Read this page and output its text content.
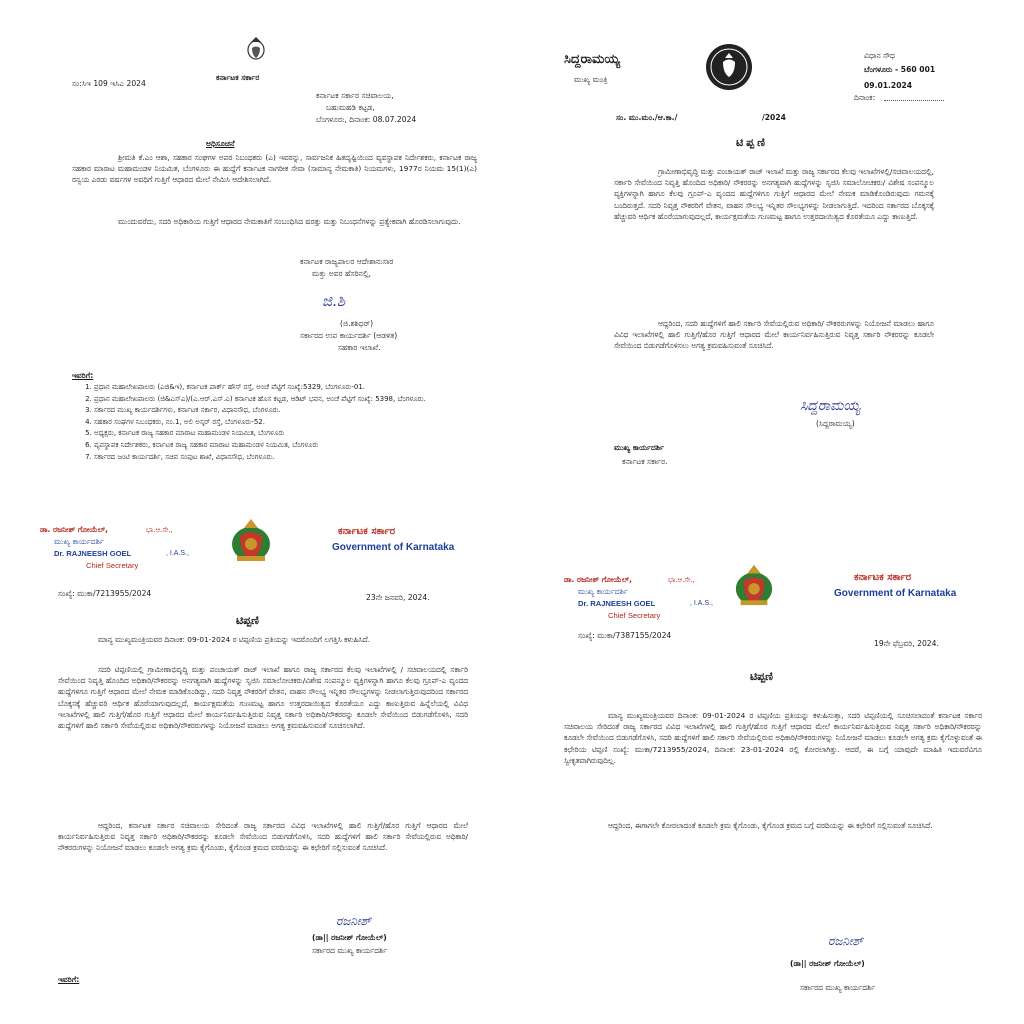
ಸಂ:ಸಿಇ 109 ಇಸಿಎ 2024

ಕರ್ನಾಟಕ ಸರ್ಕಾರ

ಕರ್ನಾಟಕ ಸರ್ಕಾರ ಸಚಿವಾಲಯ,

ಬಹುಮಹಡಿ ಕಟ್ಟಡ,

ಬೆಂಗಳೂರು, ದಿನಾಂಕ: 08.07.2024

ಅಧಿಸೂಚನೆ

ಶ್ರೀಮತಿ ಕೆ.ಎಂ ಆಶಾ, ಸಹಕಾರ ಸಂಘಗಳ ಅಪರ ನಿಬಂಧಕರು (ಎ) ಇವರನ್ನು, ಸಾರ್ವಜನಿಕ ಹಿತದೃಷ್ಟಿಯಿಂದ ವ್ಯವಸ್ಥಾಪಕ ನಿರ್ದೇಶಕರು, ಕರ್ನಾಟಕ ರಾಜ್ಯ ಸಹಕಾರ ಮಾರಾಟ ಮಹಾಮಂಡಳ ನಿಯಮಿತ, ಬೆಂಗಳೂರು ಈ ಹುದ್ದೆಗೆ ಕರ್ನಾಟಕ ನಾಗರೀಕ ಸೇವಾ (ಸಾಮಾನ್ಯ ನೇಮಕಾತಿ) ನಿಯಮಗಳು, 1977ರ ನಿಯಮ 15(1)(ಎ) ರನ್ವಯ ಎರಡು ವರ್ಷಗಳ ಅವಧಿಗೆ ಗುತ್ತಿಗೆ ಆಧಾರದ ಮೇಲೆ ನೇಮಿಸಿ ಆದೇಶಿಸಲಾಗಿದೆ.

ಮುಂದುವರೆದು, ಸದರಿ ಅಧಿಕಾರಿಯ ಗುತ್ತಿಗೆ ಆಧಾರದ ನೇಮಕಾತಿಗೆ ಸಂಬಂಧಿಸಿದ ಷರತ್ತು ಮತ್ತು ನಿಬಂಧನೆಗಳನ್ನು ಪ್ರತ್ಯೇಕವಾಗಿ ಹೊರಡಿಸಲಾಗುವುದು.

ಕರ್ನಾಟಕ ರಾಜ್ಯಪಾಲರ ಆದೇಶಾನುಸಾರ

ಮತ್ತು ಅವರ ಹೆಸರಿನಲ್ಲಿ,

ಜಿ.ಶಿ

(ಜಿ.ಶಶಿಧರ್)

ಸರ್ಕಾರದ ಉಪ ಕಾರ್ಯದರ್ಶಿ (ಆಡಳಿತ)

ಸಹಕಾರ ಇಲಾಖೆ.

ಇವರಿಗೆ:

1. ಪ್ರಧಾನ ಮಹಾಲೇಖಪಾಲರು (ಎಜಿ&ಇ), ಕರ್ನಾಟಕ ಪಾರ್ಕ್ ಹೌಸ್ ರಸ್ತೆ, ಅಂಚೆ ಪೆಟ್ಟಿಗೆ ಸಂಖ್ಯೆ:5329, ಬೆಂಗಳೂರು-01.
2. ಪ್ರಧಾನ ಮಹಾಲೇಖಪಾಲರು (ಜಿ&ಎಸ್‌ಎ)/(ಎ.ಆರ್.ಎಸ್.ಎ) ಕರ್ನಾಟಕ ಹೊಸ ಕಟ್ಟಡ, ಆಡಿಟ್ ಭವನ, ಅಂಚೆ ಪೆಟ್ಟಿಗೆ ಸಂಖ್ಯೆ: 5398, ಬೆಂಗಳೂರು.
3. ಸರ್ಕಾರದ ಮುಖ್ಯ ಕಾರ್ಯದರ್ಶಿಗಳು, ಕರ್ನಾಟಕ ಸರ್ಕಾರ, ವಿಧಾನಸೌಧ, ಬೆಂಗಳೂರು.
4. ಸಹಕಾರ ಸಂಘಗಳ ನಿಬಂಧಕರು, ನಂ.1, ಅಲಿ ಅಸ್ಕರ್ ರಸ್ತೆ, ಬೆಂಗಳೂರು-52.
5. ಅಧ್ಯಕ್ಷರು, ಕರ್ನಾಟಕ ರಾಜ್ಯ ಸಹಕಾರ ಮಾರಾಟ ಮಹಾಮಂಡಳ ನಿಯಮಿತ, ಬೆಂಗಳೂರು
6. ವ್ಯವಸ್ಥಾಪಕ ನಿರ್ದೇಶಕರು, ಕರ್ನಾಟಕ ರಾಜ್ಯ ಸಹಕಾರ ಮಾರಾಟ ಮಹಾಮಂಡಳ ನಿಯಮಿತ, ಬೆಂಗಳೂರು
7. ಸರ್ಕಾರದ ಜಂಟಿ ಕಾರ್ಯದರ್ಶಿ, ಸಚಿವ ಸಂಪುಟ ಶಾಖೆ, ವಿಧಾನಸೌಧ, ಬೆಂಗಳೂರು.

ಸಿದ್ದರಾಮಯ್ಯ

ಮುಖ್ಯ ಮಂತ್ರಿ

ವಿಧಾನ ಸೌಧ

ಬೆಂಗಳೂರು - 560 001

09.01.2024

ದಿನಾಂಕ:

ಸಂ. ಮು.ಮಂ./ಆ.ಕಾ./	/2024

ಟಿಪ್ಪಣಿ

ಗ್ರಾಮೀಣಾಭಿವೃದ್ಧಿ ಮತ್ತು ಪಂಚಾಯತ್ ರಾಜ್ ಇಲಾಖೆ ಮತ್ತು ರಾಜ್ಯ ಸರ್ಕಾರದ ಕೆಲವು ಇಲಾಖೆಗಳಲ್ಲಿ/ಸಚಿವಾಲಯದಲ್ಲಿ, ಸರ್ಕಾರಿ ಸೇವೆಯಿಂದ ನಿವೃತ್ತಿ ಹೊಂದಿದ ಅಧಿಕಾರಿ/ ನೌಕರರನ್ನು ಅನಗತ್ಯವಾಗಿ ಹುದ್ದೆಗಳನ್ನು ಸೃಜಿಸಿ ಸಮಾಲೋಚಕರು/ ವಿಶೇಷ ಸಂಪನ್ಮೂಲ ವ್ಯಕ್ತಿಗಳನ್ನಾಗಿ ಹಾಗೂ ಕೆಲವು ಗ್ರೂಪ್-ಎ ವೃಂದದ ಹುದ್ದೆಗಳಿಗೂ ಗುತ್ತಿಗೆ ಆಧಾರದ ಮೇಲೆ ನೇಮಕ ಮಾಡಿಕೊಂಡಿರುವುದು ಗಮನಕ್ಕೆ ಬಂದಿರುತ್ತದೆ. ಸದರಿ ನಿವೃತ್ತ ನೌಕರರಿಗೆ ವೇತನ, ವಾಹನ ಸೌಲಭ್ಯ ಇನ್ನಿತರ ಸೌಲಭ್ಯಗಳನ್ನು ನೀಡಲಾಗುತ್ತಿದೆ. ಇದರಿಂದ ಸರ್ಕಾರದ ಬೊಕ್ಕಸಕ್ಕೆ ಹೆಚ್ಚುವರಿ ಆರ್ಥಿಕ ಹೊರೆಯಾಗುವುದಲ್ಲದೆ, ಕಾರ್ಯಕ್ಷಮತೆಯ ಗುಣಮಟ್ಟ ಹಾಗೂ ಉತ್ತರದಾಯಿತ್ವದ ಕೊರತೆಯೂ ಎದ್ದು ಕಾಣುತ್ತಿದೆ.

ಆದ್ದರಿಂದ, ಸದರಿ ಹುದ್ದೆಗಳಿಗೆ ಹಾಲಿ ಸರ್ಕಾರಿ ಸೇವೆಯಲ್ಲಿರುವ ಅಧಿಕಾರಿ/ ನೌಕರರುಗಳನ್ನು ನಿಯೋಜನೆ ಮಾಡಲು ಹಾಗೂ ವಿವಿಧ ಇಲಾಖೆಗಳಲ್ಲಿ ಹಾಲಿ ಗುತ್ತಿಗೆ/ಹೊರ ಗುತ್ತಿಗೆ ಆಧಾರದ ಮೇಲೆ ಕಾರ್ಯನಿರ್ವಹಿಸುತ್ತಿರುವ ನಿವೃತ್ತ ಸರ್ಕಾರಿ ನೌಕರರನ್ನು ಕೂಡಲೇ ಸೇವೆಯಿಂದ ಬಿಡುಗಡೆಗೊಳಿಸಲು ಅಗತ್ಯ ಕ್ರಮವಹಿಸುವಂತೆ ಸೂಚಿಸಿದೆ.

ಸಿದ್ದರಾಮಯ್ಯ

(ಸಿದ್ದರಾಮಯ್ಯ)

ಮುಖ್ಯ ಕಾರ್ಯದರ್ಶಿ

ಕರ್ನಾಟಕ ಸರ್ಕಾರ.

ಡಾ. ರಜನೀಶ್ ಗೋಯೆಲ್,	ಭಾ.ಆ.ಸೇ.,

ಮುಖ್ಯ ಕಾರ್ಯದರ್ಶಿ

Dr. RAJNEESH GOEL	, I.A.S.,

Chief Secretary

ಕರ್ನಾಟಕ ಸರ್ಕಾರ

Government of Karnataka

ಸಂಖ್ಯೆ: ಮುಕಾ/7213955/2024	23ನೇ ಜನವರಿ, 2024.

ಟಿಪ್ಪಣಿ

ಮಾನ್ಯ ಮುಖ್ಯಮಂತ್ರಿಯವರ ದಿನಾಂಕ: 09-01-2024 ರ ಟಿಪ್ಪಣಿಯ ಪ್ರತಿಯನ್ನು ಇದರೊಂದಿಗೆ ಲಗತ್ತಿಸಿ ಕಳುಹಿಸಿದೆ.

ಸದರಿ ಟಿಪ್ಪಣಿಯಲ್ಲಿ ಗ್ರಾಮೀಣಾಭಿವೃದ್ಧಿ ಮತ್ತು ಪಂಚಾಯತ್ ರಾಜ್ ಇಲಾಖೆ ಹಾಗೂ ರಾಜ್ಯ ಸರ್ಕಾರದ ಕೆಲವು ಇಲಾಖೆಗಳಲ್ಲಿ / ಸಚಿವಾಲಯದಲ್ಲಿ ಸರ್ಕಾರಿ ಸೇವೆಯಿಂದ ನಿವೃತ್ತಿ ಹೊಂದಿದ ಅಧಿಕಾರಿ/ನೌಕರರನ್ನು ಅನಗತ್ಯವಾಗಿ ಹುದ್ದೆಗಳನ್ನು ಸೃಜಿಸಿ ಸಮಾಲೋಚಕರು/ವಿಶೇಷ ಸಂಪನ್ಮೂಲ ವ್ಯಕ್ತಿಗಳನ್ನಾಗಿ ಹಾಗೂ ಕೆಲವು ಗ್ರೂಪ್-ಎ ವೃಂದದ ಹುದ್ದೆಗಳಿಗೂ ಗುತ್ತಿಗೆ ಆಧಾರದ ಮೇಲೆ ನೇಮಕ ಮಾಡಿಕೊಂಡಿದ್ದು, ಸದರಿ ನಿವೃತ್ತ ನೌಕರರಿಗೆ ವೇತನ, ವಾಹನ ಸೌಲಭ್ಯ ಇನ್ನಿತರ ಸೌಲಭ್ಯಗಳನ್ನು ನೀಡಲಾಗುತ್ತಿರುವುದರಿಂದ ಸರ್ಕಾರದ ಬೊಕ್ಕಸಕ್ಕೆ ಹೆಚ್ಚುವರಿ ಆರ್ಥಿಕ ಹೊರೆಯಾಗುವುದಲ್ಲದೆ, ಕಾರ್ಯಕ್ಷಮತೆಯ ಗುಣಮಟ್ಟ ಹಾಗೂ ಉತ್ತರದಾಯಿತ್ವದ ಕೊರತೆಯೂ ಎದ್ದು ಕಾಣುತ್ತಿರುವ ಹಿನ್ನೆಲೆಯಲ್ಲಿ ವಿವಿಧ ಇಲಾಖೆಗಳಲ್ಲಿ ಹಾಲಿ ಗುತ್ತಿಗೆ/ಹೊರ ಗುತ್ತಿಗೆ ಆಧಾರದ ಮೇಲೆ ಕಾರ್ಯನಿರ್ವಹಿಸುತ್ತಿರುವ ನಿವೃತ್ತ ಸರ್ಕಾರಿ ಅಧಿಕಾರಿ/ನೌಕರರನ್ನು ಕೂಡಲೇ ಸೇವೆಯಿಂದ ಬಿಡುಗಡೆಗೊಳಿಸಿ, ಸದರಿ ಹುದ್ದೆಗಳಿಗೆ ಹಾಲಿ ಸರ್ಕಾರಿ ಸೇವೆಯಲ್ಲಿರುವ ಅಧಿಕಾರಿ/ನೌಕರರುಗಳನ್ನು ನಿಯೋಜನೆ ಮಾಡಲು ಅಗತ್ಯ ಕ್ರಮವಹಿಸುವಂತೆ ಸೂಚಿಸಲಾಗಿದೆ.

ಆದ್ದರಿಂದ, ಕರ್ನಾಟಕ ಸರ್ಕಾರ ಸಚಿವಾಲಯ ಸೇರಿದಂತೆ ರಾಜ್ಯ ಸರ್ಕಾರದ ವಿವಿಧ ಇಲಾಖೆಗಳಲ್ಲಿ ಹಾಲಿ ಗುತ್ತಿಗೆ/ಹೊರ ಗುತ್ತಿಗೆ ಆಧಾರದ ಮೇಲೆ ಕಾರ್ಯನಿರ್ವಹಿಸುತ್ತಿರುವ ನಿವೃತ್ತ ಸರ್ಕಾರಿ ಅಧಿಕಾರಿ/ನೌಕರರನ್ನು ಕೂಡಲೇ ಸೇವೆಯಿಂದ ಬಿಡುಗಡೆಗೊಳಿಸಿ, ಸದರಿ ಹುದ್ದೆಗಳಿಗೆ ಹಾಲಿ ಸರ್ಕಾರಿ ಸೇವೆಯಲ್ಲಿರುವ ಅಧಿಕಾರಿ/ನೌಕರರುಗಳನ್ನು ನಿಯೋಜನೆ ಮಾಡಲು ಕೂಡಲೇ ಅಗತ್ಯ ಕ್ರಮ ಕೈಗೊಂಡು, ಕೈಗೊಂಡ ಕ್ರಮದ ವರದಿಯನ್ನು ಈ ಕಛೇರಿಗೆ ಸಲ್ಲಿಸುವಂತೆ ಸೂಚಿಸಿದೆ.

ರಜನೀಶ್

(ಡಾ|| ರಜನೀಶ್ ಗೋಯೆಲ್)

ಸರ್ಕಾರದ ಮುಖ್ಯ ಕಾರ್ಯದರ್ಶಿ

ಇವರಿಗೆ:

ಡಾ. ರಜನೀಶ್ ಗೋಯೆಲ್,	ಭಾ.ಆ.ಸೇ.,

ಮುಖ್ಯ ಕಾರ್ಯದರ್ಶಿ

Dr. RAJNEESH GOEL	, I.A.S.,

Chief Secretary

ಕರ್ನಾಟಕ ಸರ್ಕಾರ

Government of Karnataka

ಸಂಖ್ಯೆ: ಮುಕಾ/7387155/2024

19ನೇ ಫೆಬ್ರವರಿ, 2024.

ಟಿಪ್ಪಣಿ

ಮಾನ್ಯ ಮುಖ್ಯಮಂತ್ರಿಯವರ ದಿನಾಂಕ: 09-01-2024 ರ ಟಿಪ್ಪಣಿಯ ಪ್ರತಿಯನ್ನು ಕಳುಹಿಸುತ್ತಾ, ಸದರಿ ಟಿಪ್ಪಣಿಯಲ್ಲಿ ಸೂಚಿಸಲಾದಂತೆ ಕರ್ನಾಟಕ ಸರ್ಕಾರ ಸಚಿವಾಲಯ ಸೇರಿದಂತೆ ರಾಜ್ಯ ಸರ್ಕಾರದ ವಿವಿಧ ಇಲಾಖೆಗಳಲ್ಲಿ ಹಾಲಿ ಗುತ್ತಿಗೆ/ಹೊರ ಗುತ್ತಿಗೆ ಆಧಾರದ ಮೇಲೆ ಕಾರ್ಯನಿರ್ವಹಿಸುತ್ತಿರುವ ನಿವೃತ್ತ ಸರ್ಕಾರಿ ಅಧಿಕಾರಿ/ನೌಕರರನ್ನು ಕೂಡಲೇ ಸೇವೆಯಿಂದ ಬಿಡುಗಡೆಗೊಳಿಸಿ, ಸದರಿ ಹುದ್ದೆಗಳಿಗೆ ಹಾಲಿ ಸರ್ಕಾರಿ ಸೇವೆಯಲ್ಲಿರುವ ಅಧಿಕಾರಿ/ನೌಕರರುಗಳನ್ನು ನಿಯೋಜನೆ ಮಾಡಲು ಕೂಡಲೇ ಅಗತ್ಯ ಕ್ರಮ ಕೈಗೊಳ್ಳುವಂತೆ ಈ ಕಛೇರಿಯ ಟಿಪ್ಪಣಿ ಸಂಖ್ಯೆ: ಮುಕಾ/7213955/2024, ದಿನಾಂಕ: 23-01-2024 ರಲ್ಲಿ ಕೋರಲಾಗಿತ್ತು. ಆದರೆ, ಈ ಬಗ್ಗೆ ಯಾವುದೇ ಮಾಹಿತಿ ಇದುವರೆವಿಗೂ ಸ್ವೀಕೃತವಾಗಿರುವುದಿಲ್ಲ.

ಆದ್ದರಿಂದ, ಈಗಾಗಲೇ ಕೋರಲಾದಂತೆ ಕೂಡಲೇ ಕ್ರಮ ಕೈಗೊಂಡು, ಕೈಗೊಂಡ ಕ್ರಮದ ಬಗ್ಗೆ ವರದಿಯನ್ನು ಈ ಕಛೇರಿಗೆ ಸಲ್ಲಿಸುವಂತೆ ಸೂಚಿಸಿದೆ.

ರಜನೀಶ್

(ಡಾ|| ರಜನೀಶ್ ಗೋಯೆಲ್)

ಸರ್ಕಾರದ ಮುಖ್ಯ ಕಾರ್ಯದರ್ಶಿ
